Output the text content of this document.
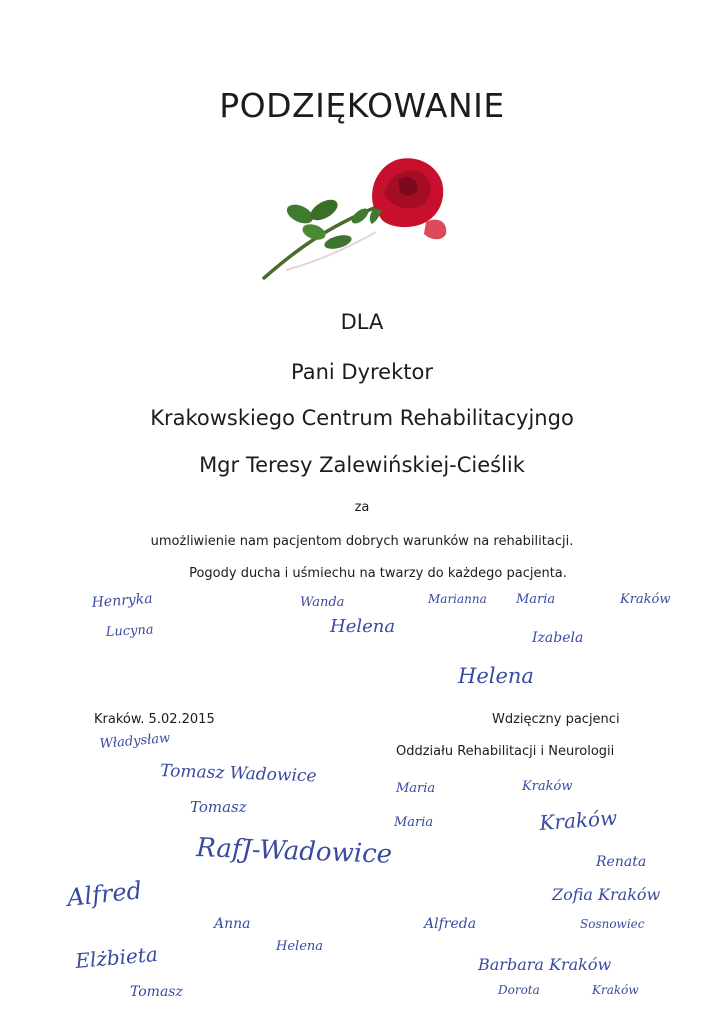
PODZIĘKOWANIE
DLA
Pani Dyrektor
Krakowskiego Centrum Rehabilitacyjngo
Mgr Teresy Zalewińskiej-Cieślik
za
umożliwienie nam pacjentom dobrych warunków na rehabilitacji.
Pogody ducha i uśmiechu na twarzy do każdego pacjenta.
Kraków. 5.02.2015	Wdzięczny pacjenci
Oddziału Rehabilitacji i Neurologii
Henryka
Lucyna
Wanda
Helena
Marianna Maria	Kraków
Izabela
Helena
Władysław
Tomasz Wadowice
Tomasz
RafJ-Wadowice
Maria	Kraków
Maria	Kraków
Renata
Zofia Kraków
Alfred
Anna	Alfreda	Sosnowiec
Helena
Elżbieta	Barbara Kraków
Tomasz	Dorota	Kraków
